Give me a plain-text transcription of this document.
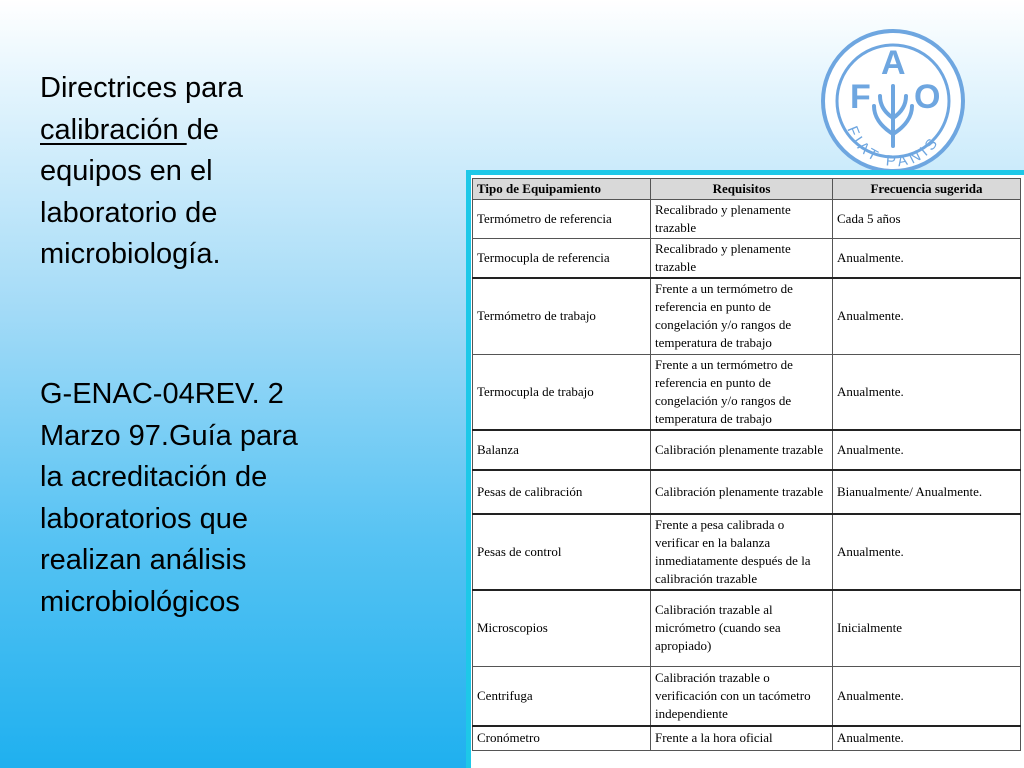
Directrices para
calibración de
equipos en el
laboratorio de
microbiología.
G-ENAC-04REV. 2
Marzo 97.Guía para
la acreditación de
laboratorios que
realizan análisis
microbiológicos
F
A
O
FIAT PANIS
Tipo de Equipamiento	Requisitos	Frecuencia sugerida
Termómetro de referencia	Recalibrado y plenamente trazable	Cada 5 años
Termocupla de referencia	Recalibrado y plenamente trazable	Anualmente.
Termómetro de trabajo	Frente a un termómetro de referencia en punto de congelación y/o rangos de temperatura de trabajo	Anualmente.
Termocupla de trabajo	Frente a un termómetro de referencia en punto de congelación y/o rangos de temperatura de trabajo	Anualmente.
Balanza	Calibración plenamente trazable	Anualmente.
Pesas de calibración	Calibración plenamente trazable	Bianualmente/ Anualmente.
Pesas de control	Frente a pesa calibrada o verificar en la balanza inmediatamente después de la calibración trazable	Anualmente.
Microscopios	Calibración trazable al micrómetro (cuando sea apropiado)	Inicialmente
Centrifuga	Calibración trazable o verificación con un tacómetro independiente	Anualmente.
Cronómetro	Frente a la hora oficial	Anualmente.
